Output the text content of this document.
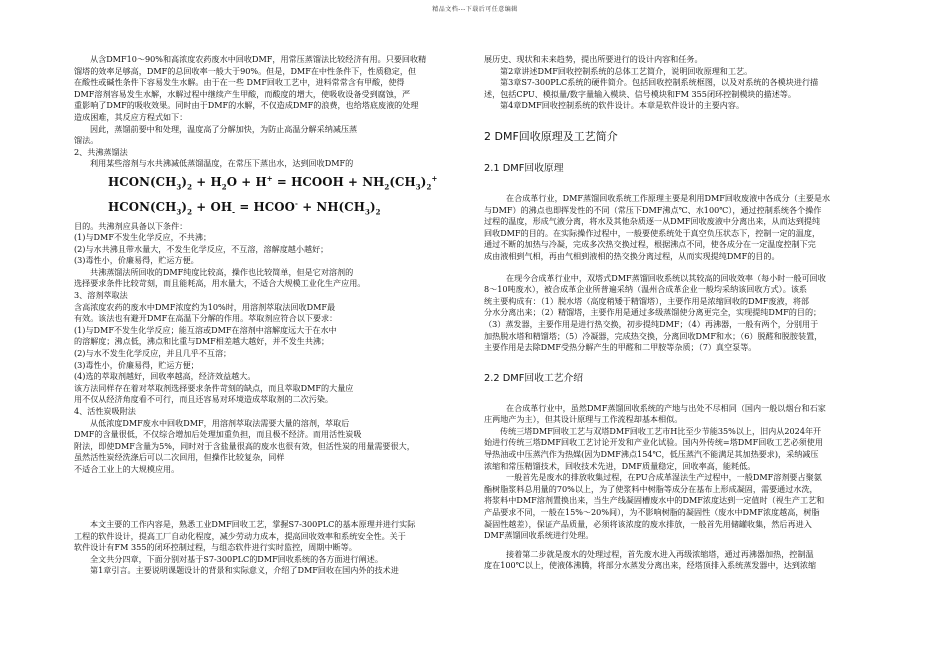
精品文档---下载后可任意编辑

从含DMF10～90%和高浓度农药废水中回收DMF，用常压蒸馏法比较经济有用。只要回收精

馏塔的效率足够高，DMF的总回收率一般大于90%。但是，DMF在中性条件下，性质稳定，但

在酸性或碱性条件下容易发生水解。由于在一些 DMF回收工艺中，进料常常含有甲酸，使得

DMF溶剂容易发生水解，水解过程中继续产生甲酸，而酸度的增大，使吸收设备受到腐蚀，严

重影响了DMF的吸收效果。同时由于DMF的水解，不仅造成DMF的浪费，也给塔底废液的处理

造成困难，其反应方程式如下：

因此，蒸馏前要中和处理，温度高了分解加快，为防止高温分解采纳减压蒸

馏法。

2、共沸蒸馏法

利用某些溶剂与水共沸减低蒸馏温度，在常压下蒸出水，达到回收DMF的

$HCON(CH_3)_2 + H_2O + H^+$ = HCOOH + $NH_2(CH_3)_2^+$
$HCON(CH_3)_2 + OH_-$ = HCOO- + $NH(CH_3)_2$

目的。共沸剂应具备以下条件：

(1)与DMF不发生化学反应，不共沸；

(2)与水共沸且带水量大，不发生化学反应，不互溶，溶解度越小越好；

(3)毒性小，价廉易得，贮运方便。

共沸蒸馏法所回收的DMF纯度比较高，操作也比较简单，但是它对溶剂的

选择要求条件比较苛刻，而且能耗高，用水量大，不适合大规模工业化生产应用。

3、溶剂萃取法

含高浓度农药的废水中DMF浓度约为10%时，用溶剂萃取法回收DMF最

有效。该法也有避开DMF在高温下分解的作用。萃取剂应符合以下要求：

(1)与DMF不发生化学反应；能互溶或DMF在溶剂中溶解度远大于在水中

的溶解度；沸点低，沸点和比重与DMF相差越大越好，并不发生共沸；

(2)与水不发生化学反应，并且几乎不互溶；

(3)毒性小，价廉易得，贮运方便；

(4)选的萃取剂越好，回收率越高，经济效益越大。

该方法同样存在着对萃取剂选择要求条件苛刻的缺点，而且萃取DMF的大量应

用不仅从经济角度看不可行，而且还容易对环境造成萃取剂的二次污染。

4、活性炭吸附法

从低浓度DMF废水中回收DMF，用溶剂萃取法需要大量的溶剂，萃取后

DMF的含量很低，不仅综合增加后处理加重负担，而且极不经济。而用活性炭吸

附法，即使DMF含量为5%，同时对于含盐量很高的废水也很有效，但活性炭的用量需要很大，

虽然活性炭经洗涤后可以二次回用，但操作比较复杂，同样

不适合工业上的大规模应用。

本文主要的工作内容是，熟悉工业DMF回收工艺，掌握S7-300PLC的基本原理并进行实际

工程的软件设计，提高工厂自动化程度，减少劳动力成本，提高回收效率和系统安全性。关于

软件设计有FM 355的闭环控制过程，与组态软件进行实时监控，周期中断等。

全文共分四章，下面分别对基于S7-300PLC的DMF回收系统的各方面进行阐述。

第1章引言。主要说明课题设计的背景和实际意义，介绍了DMF回收在国内外的技术进

展历史、现状和未来趋势，提出所要进行的设计内容和任务。

第2章讲述DMF回收控制系统的总体工艺简介，说明回收原理和工艺。

第3章S7-300PLC系统的硬件简介。包括回收控制系统框图，以及对系统的各模块进行描

述，包括CPU、模拟量/数字量输入模块、信号模块和FM 355闭环控制模块的描述等。

第4章DMF回收控制系统的软件设计。本章是软件设计的主要内容。

2 DMF回收原理及工艺简介

2.1 DMF回收原理

在合成革行业，DMF蒸馏回收系统工作原理主要是利用DMF回收废液中各成分（主要是水

与DMF）的沸点也即挥发性的不同（常压下DMF沸点℃、水100℃），通过控制系统各个操作

过程的温度，形成气液分离，将水及其他杂质逐一从DMF回收废液中分离出来，从而达到提纯

回收DMF的目的。在实际操作过程中，一般要使系统处于真空负压状态下，控制一定的温度，

通过不断的加热与冷凝，完成多次热交换过程，根据沸点不同，使各成分在一定温度控制下完

成由液相到气相，再由气相到液相的热交换分离过程，从而实现提纯DMF的目的。

在现今合成革行业中，双塔式DMF蒸馏回收系统以其较高的回收效率（每小时一般可回收

8～10吨废水），被合成革企业所普遍采纳（温州合成革企业一般均采纳该回收方式）。该系

统主要构成有：（1）脱水塔（高度稍矮于精馏塔），主要作用是浓缩回收的DMF废液，将部

分水分离出来；（2）精馏塔，主要作用是通过多级蒸馏使分离更完全，实现提纯DMF的目的；

（3）蒸发器，主要作用是进行热交换，初步提纯DMF；（4）再沸器，一般有两个，分别用于

加热脱水塔和精馏塔；（5）冷凝器，完成热交换，分离回收DMF和水；（6）脱醛和脱胺装置，

主要作用是去除DMF受热分解产生的甲醛和二甲胺等杂质；（7）真空泵等。

2.2 DMF回收工艺介绍

在合成革行业中，虽然DMF蒸馏回收系统的产地与出处不尽相同（国内一般以烟台和石家

庄两地产为主），但其设计原理与工作流程却基本相似。

传统三塔DMF回收工艺与双塔DMF回收工艺市H比至少节能35%以上，旧内从2024年开

始进行传统三塔DMF回收工艺讨论开发和产业化试验。国内外传统=塔DMF回收工艺必须使用

导热油或中压蒸汽作为热媒(因为DMF沸点154℃，低压蒸汽不能满足其加热要求)，采纳减压

浓缩和常压精馏技术，回收技术先进，DMF质量稳定，回收率高，能耗低。

一般首先是废水的排放收集过程，在PU合成革湿法生产过程中，一般DMF溶剂要占聚氨

酯树脂浆料总用量的70%以上，为了使浆料中树脂等成分在基布上形成凝固，需要通过水洗，

将浆料中DMF溶剂置换出来，当生产线凝固槽废水中的DMF浓度达到一定值时（视生产工艺和

产品要求不同，一般在15%～20%间），为不影响树脂的凝固性（废水中DMF浓度越高，树脂

凝固性越差），保证产品质量，必须将该浓度的废水排放，一般首先用储罐收集，然后再进入

DMF蒸馏回收系统进行处理。

接着第二步就是废水的处理过程，首先废水进入再级浓缩塔，通过再沸器加热，控制温

度在100℃以上，使液体沸腾，将部分水蒸发分离出来，经塔顶排入系统蒸发器中，达到浓缩
